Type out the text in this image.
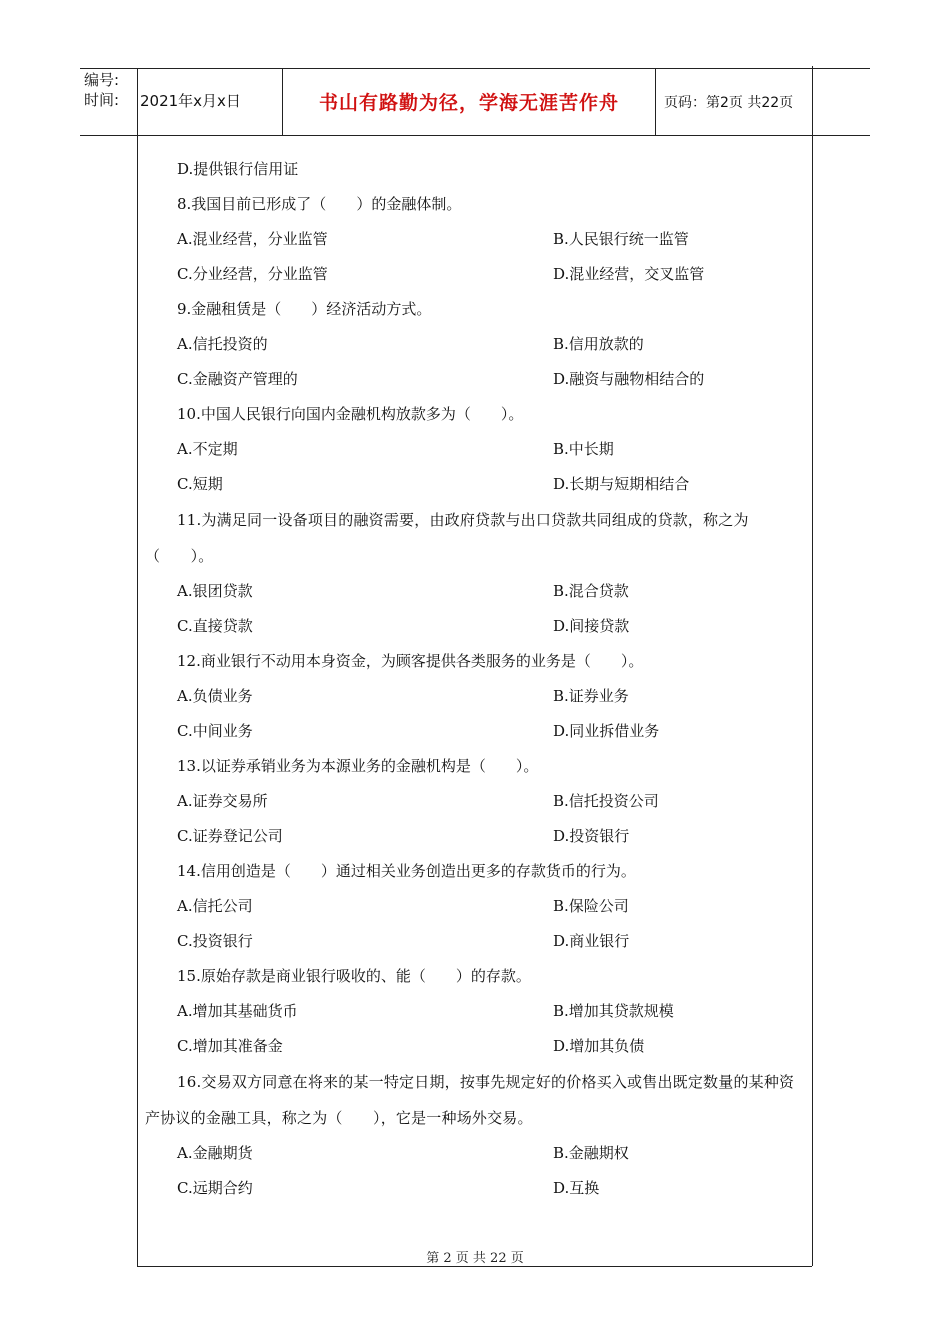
编号:
时间:	2021年x月x日	书山有路勤为径，学海无涯苦作舟	页码：第2页 共22页
D.提供银行信用证
8.我国目前已形成了（　　）的金融体制。
A.混业经营，分业监管	B.人民银行统一监管
C.分业经营，分业监管	D.混业经营，交叉监管
9.金融租赁是（　　）经济活动方式。
A.信托投资的	B.信用放款的
C.金融资产管理的	D.融资与融物相结合的
10.中国人民银行向国内金融机构放款多为（　　）。
A.不定期	B.中长期
C.短期	D.长期与短期相结合
11.为满足同一设备项目的融资需要，由政府贷款与出口贷款共同组成的贷款，称之为（　　）。
A.银团贷款	B.混合贷款
C.直接贷款	D.间接贷款
12.商业银行不动用本身资金，为顾客提供各类服务的业务是（　　）。
A.负债业务	B.证券业务
C.中间业务	D.同业拆借业务
13.以证券承销业务为本源业务的金融机构是（　　）。
A.证券交易所	B.信托投资公司
C.证券登记公司	D.投资银行
14.信用创造是（　　）通过相关业务创造出更多的存款货币的行为。
A.信托公司	B.保险公司
C.投资银行	D.商业银行
15.原始存款是商业银行吸收的、能（　　）的存款。
A.增加其基础货币	B.增加其贷款规模
C.增加其准备金	D.增加其负债
16.交易双方同意在将来的某一特定日期，按事先规定好的价格买入或售出既定数量的某种资产协议的金融工具，称之为（　　），它是一种场外交易。
A.金融期货	B.金融期权
C.远期合约	D.互换
第 2 页 共 22 页
